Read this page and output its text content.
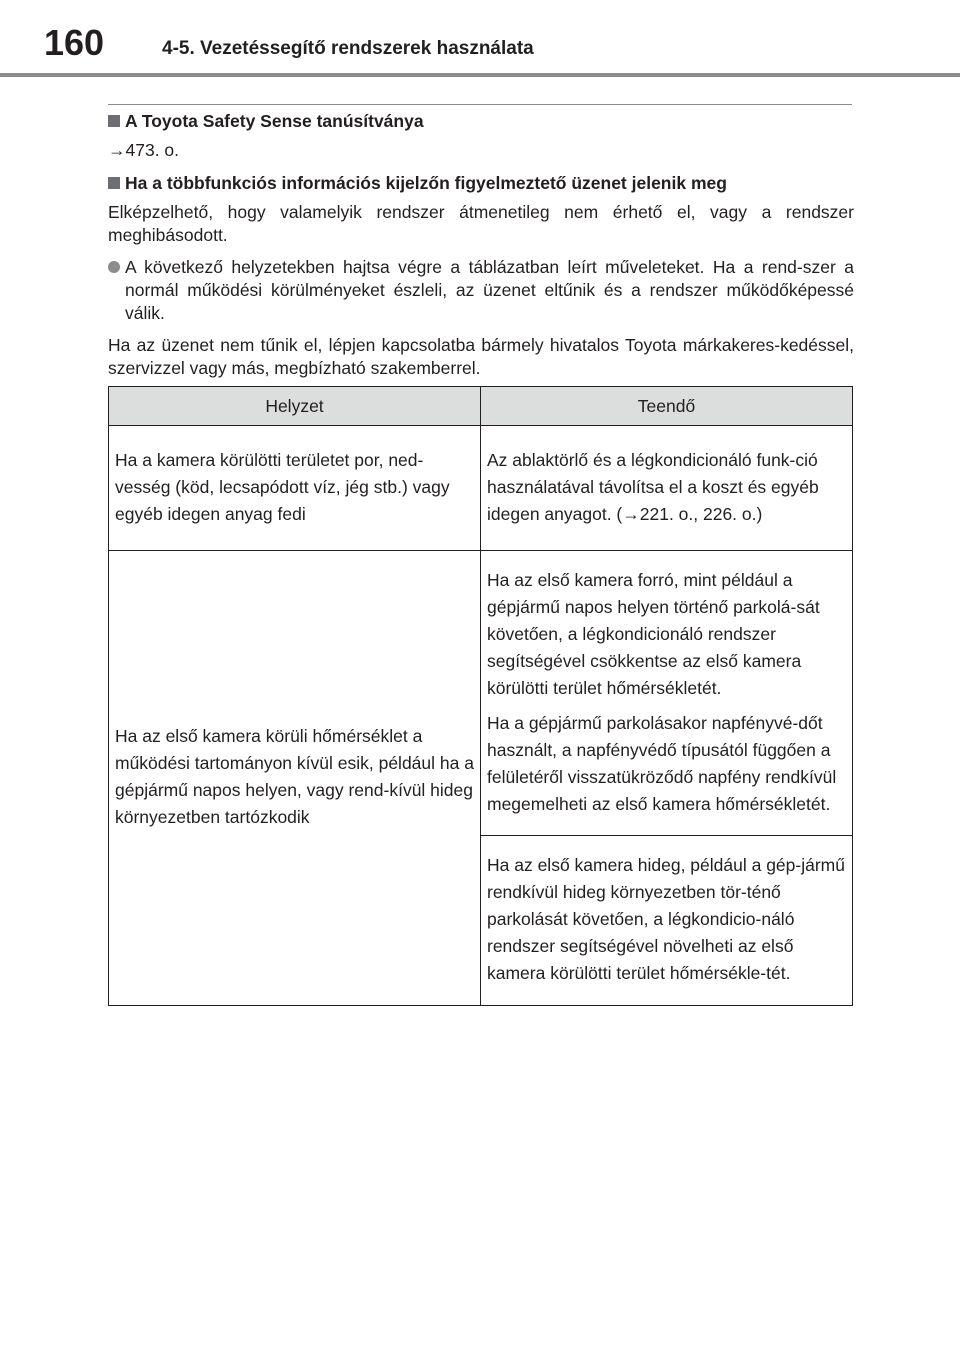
160	4-5. Vezetéssegítő rendszerek használata
A Toyota Safety Sense tanúsítványa

→473. o.

Ha a többfunkciós információs kijelzőn figyelmeztető üzenet jelenik meg

Elképzelhető, hogy valamelyik rendszer átmenetileg nem érhető el, vagy a rendszer meghibásodott.

A következő helyzetekben hajtsa végre a táblázatban leírt műveleteket. Ha a rend-szer a normál működési körülményeket észleli, az üzenet eltűnik és a rendszer működőképessé válik.

Ha az üzenet nem tűnik el, lépjen kapcsolatba bármely hivatalos Toyota márkakeres-kedéssel, szervizzel vagy más, megbízható szakemberrel.

Helyzet	Teendő

Ha a kamera körülötti területet por, ned-vesség (köd, lecsapódott víz, jég stb.) vagy egyéb idegen anyag fedi	Az ablaktörlő és a légkondicionáló funk-ció használatával távolítsa el a koszt és egyéb idegen anyagot. (→221. o., 226. o.)

Ha az első kamera körüli hőmérséklet a működési tartományon kívül esik, például ha a gépjármű napos helyen, vagy rend-kívül hideg környezetben tartózkodik	Ha az első kamera forró, mint például a gépjármű napos helyen történő parkolá-sát követően, a légkondicionáló rendszer segítségével csökkentse az első kamera körülötti terület hőmérsékletét.

Ha a gépjármű parkolásakor napfényvé-dőt használt, a napfényvédő típusától függően a felületéről visszatükröződő napfény rendkívül megemelheti az első kamera hőmérsékletét.

	Ha az első kamera hideg, például a gép-jármű rendkívül hideg környezetben tör-ténő parkolását követően, a légkondicio-náló rendszer segítségével növelheti az első kamera körülötti terület hőmérsékle-tét.
